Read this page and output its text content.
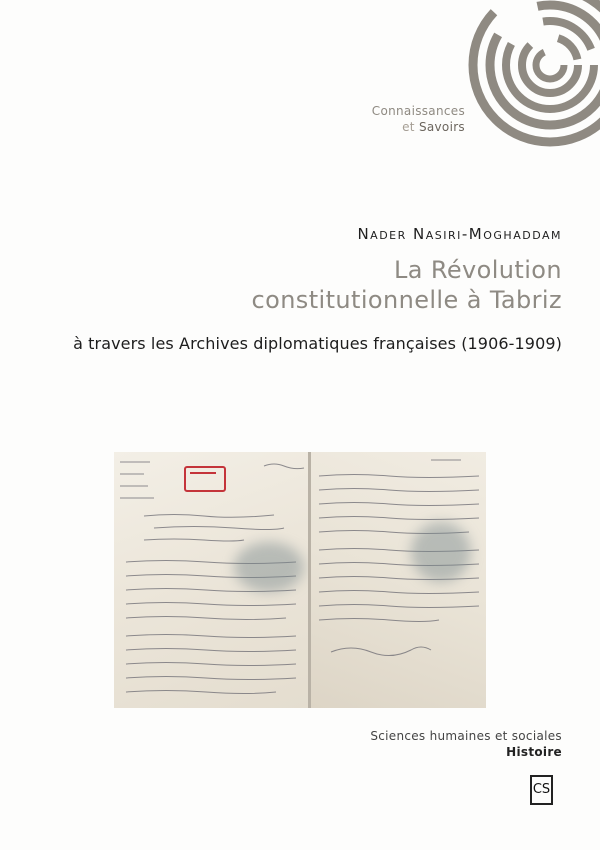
Connaissances
et Savoirs
Nader Nasiri-Moghaddam
La Révolution
constitutionnelle à Tabriz
à travers les Archives diplomatiques françaises (1906-1909)
Sciences humaines et sociales
Histoire
CS
